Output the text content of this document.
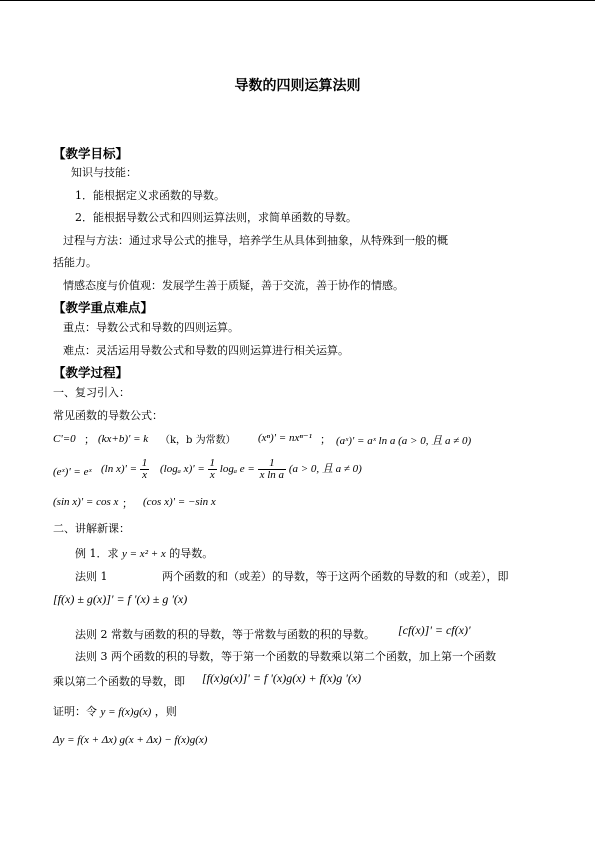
导数的四则运算法则
【教学目标】
知识与技能：
1．能根据定义求函数的导数。
2．能根据导数公式和四则运算法则，求简单函数的导数。
过程与方法：通过求导公式的推导，培养学生从具体到抽象，从特殊到一般的概
括能力。
情感态度与价值观：发展学生善于质疑，善于交流，善于协作的情感。
【教学重点难点】
重点：导数公式和导数的四则运算。
难点：灵活运用导数公式和导数的四则运算进行相关运算。
【教学过程】
一、复习引入：
常见函数的导数公式：
C'=0 ； (kx+b)' = k （k，b 为常数） (xⁿ)' = nxⁿ⁻¹ ； (aˣ)' = aˣ ln a (a > 0, 且 a ≠ 0)
(eˣ)' = eˣ (ln $x)' = \frac{1}{x} (\log_a$ $x)' = \frac{1}{x}$ logₐ $e = \frac{1}{\text{x ln a}} (a > 0$, 且 a ≠ 0)
(sin x)' = cos x ； (cos x)' = −sin x
二、讲解新课：
例 1．求 y = x² + x 的导数。
法则 1	两个函数的和（或差）的导数，等于这两个函数的导数的和（或差），即
[f(x) ± g(x)]' = f '(x) ± g '(x)
法则 2 常数与函数的积的导数，等于常数与函数的积的导数。 [cf(x)]' = cf(x)'
法则 3 两个函数的积的导数，等于第一个函数的导数乘以第二个函数，加上第一个函数
乘以第二个函数的导数，即 [f(x)g(x)]' = f '(x)g(x) + f(x)g '(x)
证明：令 y = f(x)g(x) ，则
Δy = f(x + Δx) g(x + Δx) − f(x)g(x)
